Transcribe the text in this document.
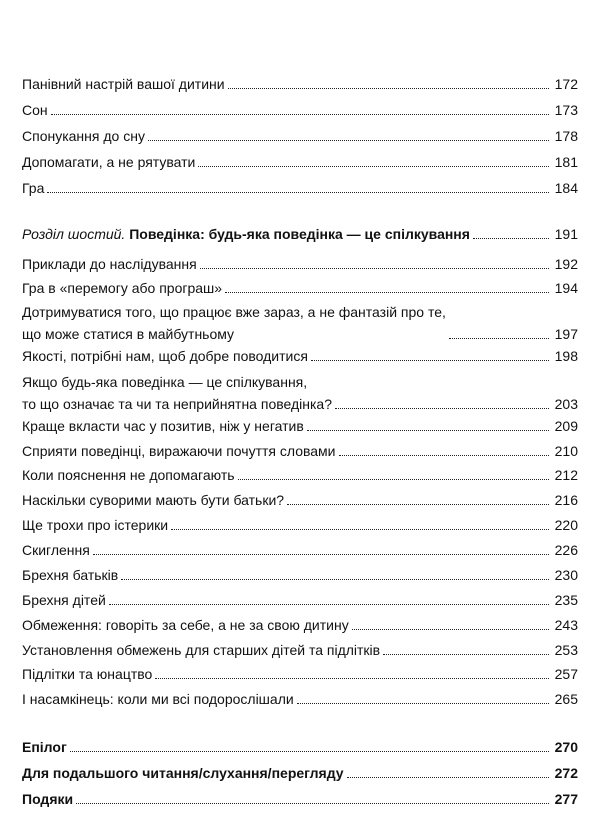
Панівний настрій вашої дитини	172
Сон	173
Спонукання до сну	178
Допомагати, а не рятувати	181
Гра	184
Розділ шостий. Поведінка: будь-яка поведінка — це спілкування	191
Приклади до наслідування	192
Гра в «перемогу або програш»	194
Дотримуватися того, що працює вже зараз, а не фантазій про те,
що може статися в майбутньому	197
Якості, потрібні нам, щоб добре поводитися	198
Якщо будь-яка поведінка — це спілкування,
то що означає та чи та неприйнятна поведінка?	203
Краще вкласти час у позитив, ніж у негатив	209
Сприяти поведінці, виражаючи почуття словами	210
Коли пояснення не допомагають	212
Наскільки суворими мають бути батьки?	216
Ще трохи про істерики	220
Скиглення	226
Брехня батьків	230
Брехня дітей	235
Обмеження: говоріть за себе, а не за свою дитину	243
Установлення обмежень для старших дітей та підлітків	253
Підлітки та юнацтво	257
І насамкінець: коли ми всі подорослішали	265
Епілог	270
Для подальшого читання/слухання/перегляду	272
Подяки	277
